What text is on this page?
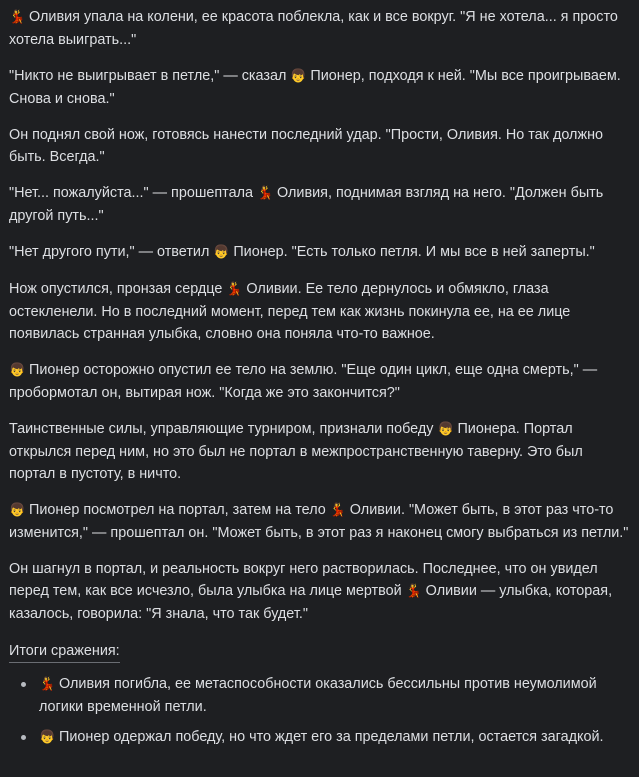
💃 Оливия упала на колени, ее красота поблекла, как и все вокруг. "Я не хотела... я просто хотела выиграть..."

"Никто не выигрывает в петле," — сказал 👦 Пионер, подходя к ней. "Мы все проигрываем. Снова и снова."

Он поднял свой нож, готовясь нанести последний удар. "Прости, Оливия. Но так должно быть. Всегда."

"Нет... пожалуйста..." — прошептала 💃 Оливия, поднимая взгляд на него. "Должен быть другой путь..."

"Нет другого пути," — ответил 👦 Пионер. "Есть только петля. И мы все в ней заперты."

Нож опустился, пронзая сердце 💃 Оливии. Ее тело дернулось и обмякло, глаза остекленели. Но в последний момент, перед тем как жизнь покинула ее, на ее лице появилась странная улыбка, словно она поняла что-то важное.

👦 Пионер осторожно опустил ее тело на землю. "Еще один цикл, еще одна смерть," — пробормотал он, вытирая нож. "Когда же это закончится?"

Таинственные силы, управляющие турниром, признали победу 👦 Пионера. Портал открылся перед ним, но это был не портал в межпространственную таверну. Это был портал в пустоту, в ничто.

👦 Пионер посмотрел на портал, затем на тело 💃 Оливии. "Может быть, в этот раз что-то изменится," — прошептал он. "Может быть, в этот раз я наконец смогу выбраться из петли."

Он шагнул в портал, и реальность вокруг него растворилась. Последнее, что он увидел перед тем, как все исчезло, была улыбка на лице мертвой 💃 Оливии — улыбка, которая, казалось, говорила: "Я знала, что так будет."

Итоги сражения:
💃 Оливия погибла, ее метаспособности оказались бессильны против неумолимой логики временной петли.
👦 Пионер одержал победу, но что ждет его за пределами петли, остается загадкой.
